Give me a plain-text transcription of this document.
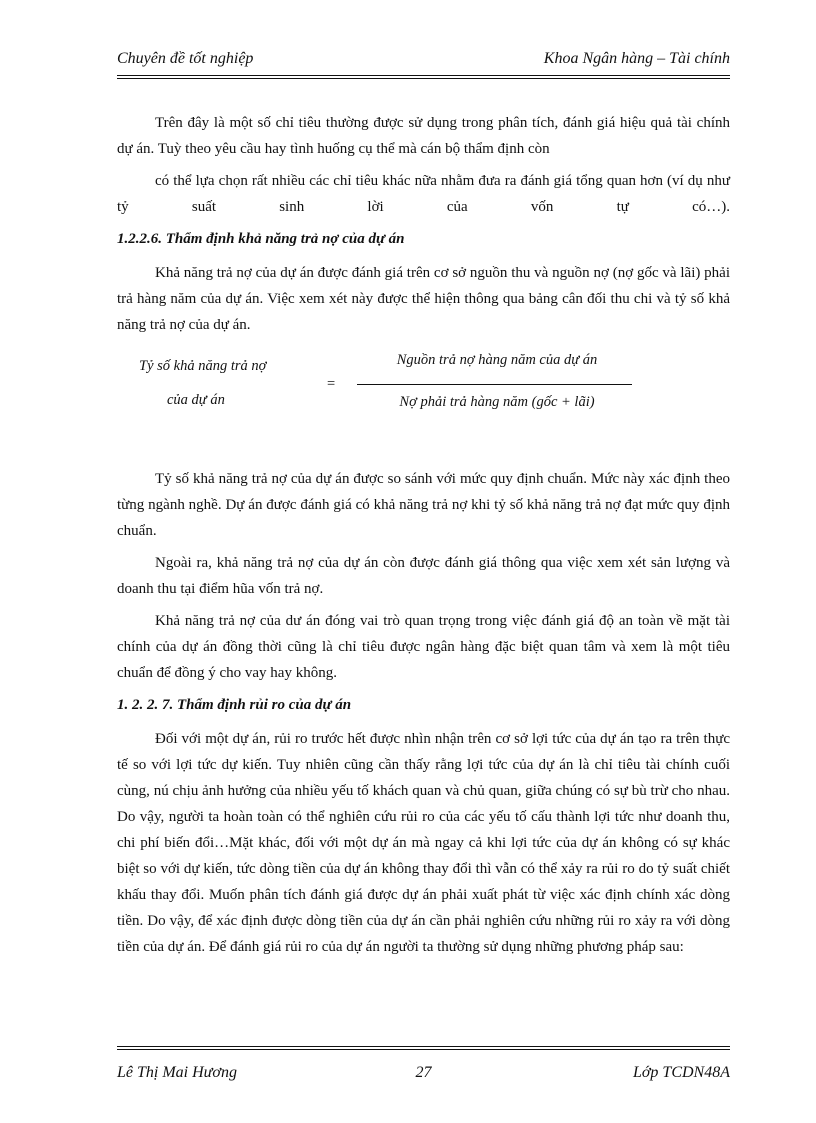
Chuyên đề tốt nghiệp	Khoa Ngân hàng – Tài chính

Trên đây là một số chỉ tiêu thường được sử dụng trong phân tích, đánh giá hiệu quả tài chính dự án. Tuỳ theo yêu cầu hay tình huống cụ thể mà cán bộ thẩm định còn

có thể lựa chọn rất nhiều các chỉ tiêu khác nữa nhằm đưa ra đánh giá tổng quan hơn (ví dụ như tỷ suất sinh lời của vốn tự có…).

1.2.2.6. Thẩm định khả năng trả nợ của dự án

Khả năng trả nợ của dự án được đánh giá trên cơ sở nguồn thu và nguồn nợ (nợ gốc và lãi) phải trả hàng năm của dự án. Việc xem xét này được thể hiện thông qua bảng cân đối thu chi và tỷ số khả năng trả nợ của dự án.

Tỷ số khả năng trả nợ
của dự án
=
Nguồn trả nợ hàng năm của dự án
Nợ phải trả hàng năm (gốc + lãi)

Tỷ số khả năng trả nợ của dự án được so sánh với mức quy định chuẩn. Mức này xác định theo từng ngành nghề. Dự án được đánh giá có khả năng trả nợ khi tỷ số khả năng trả nợ đạt mức quy định chuẩn.

Ngoài ra, khả năng trả nợ của dự án còn được đánh giá thông qua việc xem xét sản lượng và doanh thu tại điểm hũa vốn trả nợ.

Khả năng trả nợ của dư án đóng vai trò quan trọng trong việc đánh giá độ an toàn về mặt tài chính của dự án đồng thời cũng là chỉ tiêu được ngân hàng đặc biệt quan tâm và xem là một tiêu chuẩn để đồng ý cho vay hay không.

1. 2. 2. 7. Thẩm định rủi ro của dự án

Đối với một dự án, rủi ro trước hết được nhìn nhận trên cơ sở lợi tức của dự án tạo ra trên thực tế so với lợi tức dự kiến. Tuy nhiên cũng cần thấy rằng lợi tức của dự án là chỉ tiêu tài chính cuối cùng, nú chịu ảnh hưởng của nhiều yếu tố khách quan và chủ quan, giữa chúng có sự bù trừ cho nhau. Do vậy, người ta hoàn toàn có thể nghiên cứu rủi ro của các yếu tố cấu thành lợi tức như doanh thu, chi phí biến đổi…Mặt khác, đối với một dự án mà ngay cả khi lợi tức của dự án không có sự khác biệt so với dự kiến, tức dòng tiền của dự án không thay đổi thì vẫn có thể xảy ra rủi ro do tỷ suất chiết khấu thay đổi. Muốn phân tích đánh giá được dự án phải xuất phát từ việc xác định chính xác dòng tiền. Do vậy, để xác định được dòng tiền của dự án cần phải nghiên cứu những rủi ro xảy ra với dòng tiền của dự án. Để đánh giá rủi ro của dự án người ta thường sử dụng những phương pháp sau:

Lê Thị Mai Hương	27	Lớp TCDN48A
